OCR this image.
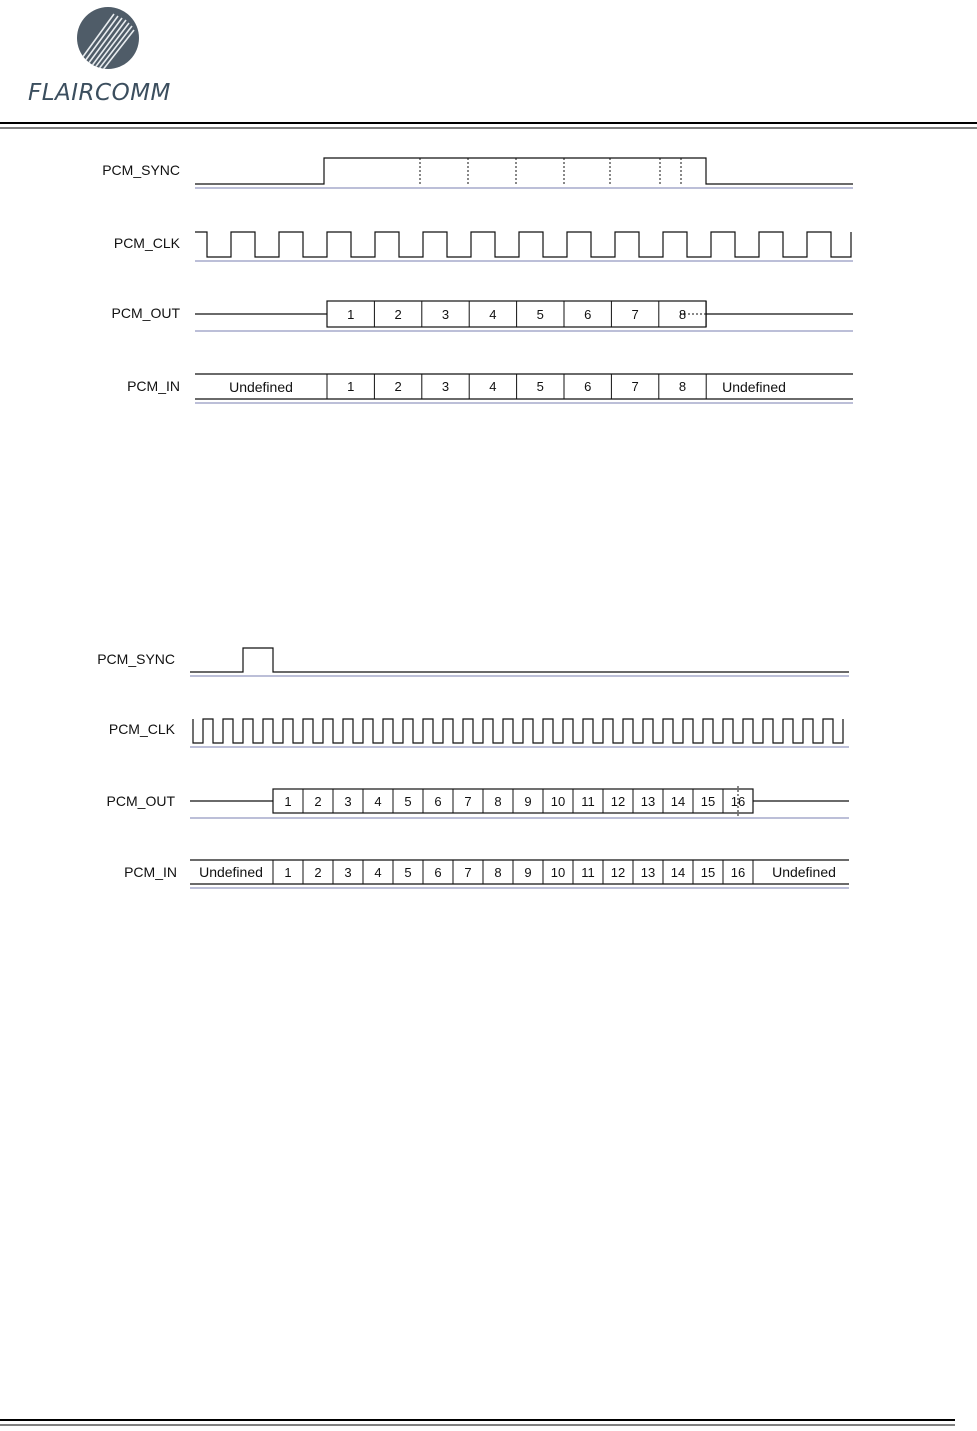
FLAIRCOMM
PCM_SYNC
PCM_CLK
PCM_OUT
PCM_IN
1	2	3	4	5	6	7	8
Undefined	Undefined
1	2	3	4	5	6	7	8
PCM_SYNC
PCM_CLK
PCM_OUT
PCM_IN
1 2 3 4 5 6 7 8 9 10 11 12 13 14 15 16
Undefined	Undefined
1 2 3 4 5 6 7 8 9 10 11 12 13 14 15 16
